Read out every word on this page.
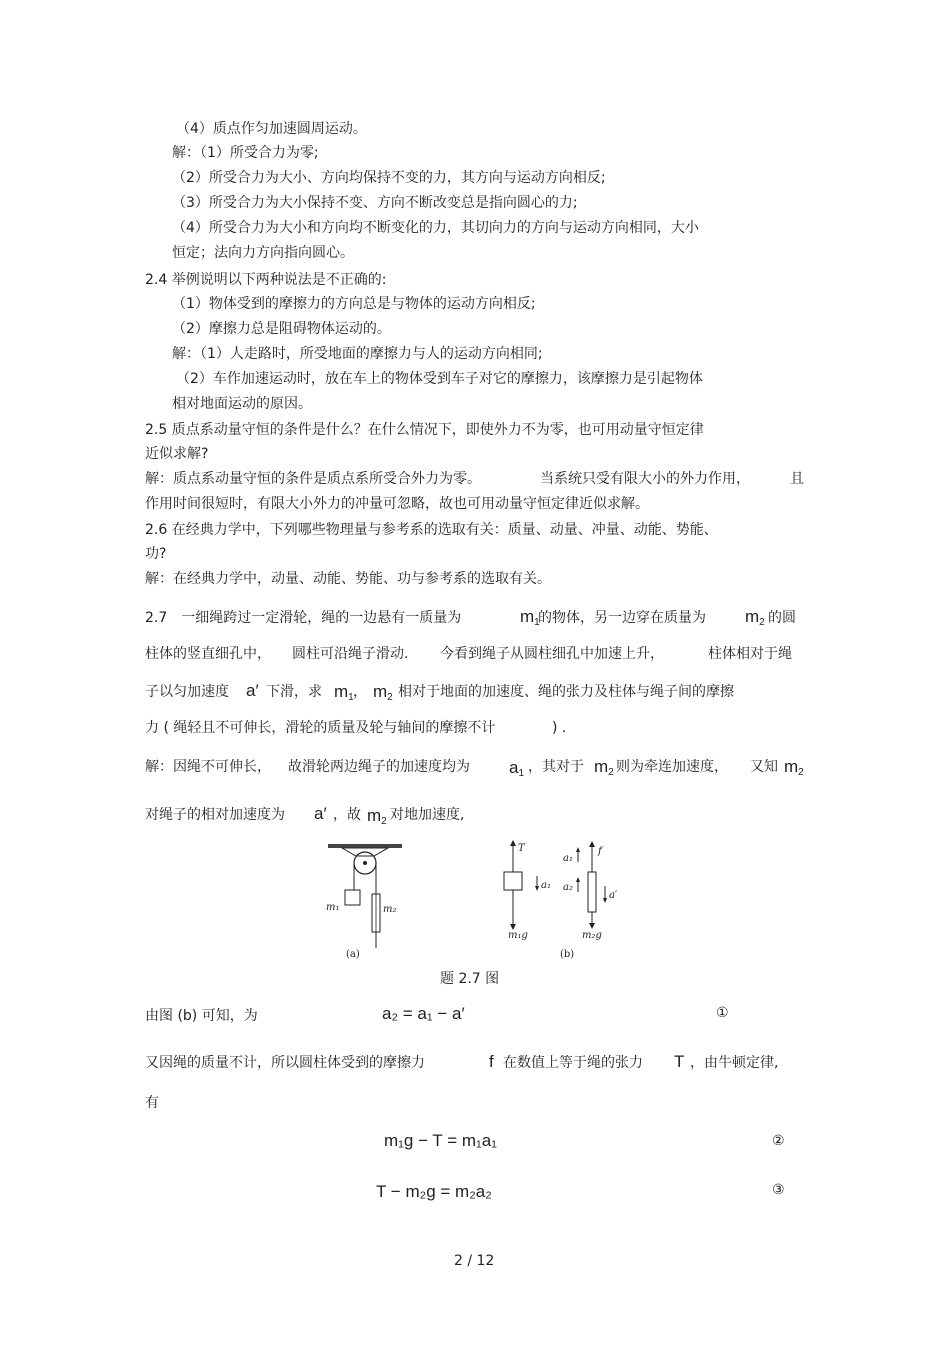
（4）质点作匀加速圆周运动。
解：（1）所受合力为零;
（2）所受合力为大小、方向均保持不变的力，其方向与运动方向相反;
（3）所受合力为大小保持不变、方向不断改变总是指向圆心的力;
（4）所受合力为大小和方向均不断变化的力，其切向力的方向与运动方向相同，大小
恒定；法向力方向指向圆心。
2.4 举例说明以下两种说法是不正确的:
（1）物体受到的摩擦力的方向总是与物体的运动方向相反;
（2）摩擦力总是阻碍物体运动的。
解：（1）人走路时，所受地面的摩擦力与人的运动方向相同;
（2）车作加速运动时，放在车上的物体受到车子对它的摩擦力，该摩擦力是引起物体
相对地面运动的原因。
2.5 质点系动量守恒的条件是什么？在什么情况下，即使外力不为零，也可用动量守恒定律
近似求解?
解：质点系动量守恒的条件是质点系所受合外力为零。	当系统只受有限大小的外力作用，	且
作用时间很短时，有限大小外力的冲量可忽略，故也可用动量守恒定律近似求解。
2.6 在经典力学中，下列哪些物理量与参考系的选取有关：质量、动量、冲量、动能、势能、
功?
解：在经典力学中，动量、动能、势能、功与参考系的选取有关。
2.7　一细绳跨过一定滑轮，绳的一边悬有一质量为	$m_1$
的物体，另一边穿在质量为 $m_2$ 的圆
柱体的竖直细孔中， 圆柱可沿绳子滑动. 今看到绳子从圆柱细孔中加速上升，	柱体相对于绳
子以匀加速度 a′ 下滑，求 $m_1$ ， $m_2$ 相对于地面的加速度、绳的张力及柱体与绳子间的摩擦
力 ( 绳轻且不可伸长，滑轮的质量及轮与轴间的摩擦不计	) .
解：因绳不可伸长， 故滑轮两边绳子的加速度均为 $a_1$ ，其对于 $m_2$ 则为牵连加速度， 又知 $m_2$
对绳子的相对加速度为 a′ ，故 $m_2$ 对地加速度,
m₁	m₂
(a)
T
a₁
m₁g
a₁
f
a₂
a′
m₂g
(b)
题 2.7 图
由图 (b) 可知，为	a₂ = a₁ − a′	①
又因绳的质量不计，所以圆柱体受到的摩擦力	f 在数值上等于绳的张力 T ，由牛顿定律,
有
m₁g − T = m₁a₁	②
T − m₂g = m₂a₂	③
2 / 12
